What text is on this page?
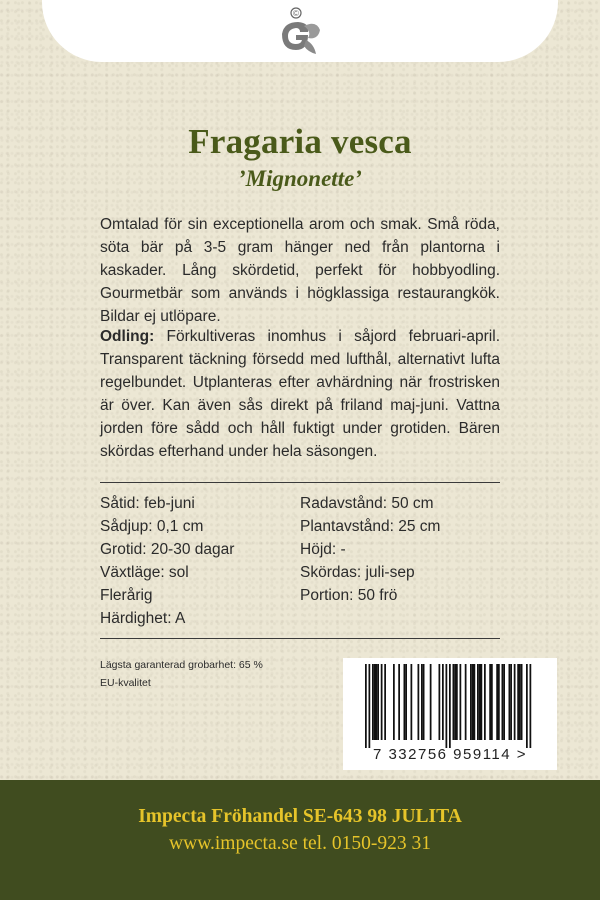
©
Fragaria vesca
’Mignonette’
Omtalad för sin exceptionella arom och smak. Små röda, söta bär på 3-5 gram hänger ned från plantorna i kaskader. Lång skördetid, perfekt för hobbyodling. Gourmetbär som används i högklassiga restaurangkök. Bildar ej utlöpare.
Odling: Förkultiveras inomhus i såjord februari-april. Transparent täckning försedd med lufthål, alternativt lufta regelbundet. Utplanteras efter avhärdning när frostrisken är över. Kan även sås direkt på friland maj-juni. Vattna jorden före sådd och håll fuktigt under grotiden. Bären skördas efterhand under hela säsongen.
Såtid: feb-juni
Sådjup: 0,1 cm
Grotid: 20-30 dagar
Växtläge: sol
Flerårig
Härdighet: A
Radavstånd: 50 cm
Plantavstånd: 25 cm
Höjd: -
Skördas: juli-sep
Portion: 50 frö
Lägsta garanterad grobarhet: 65 %
EU-kvalitet
7 332756 959114 >
Impecta Fröhandel SE-643 98 JULITA
www.impecta.se tel. 0150-923 31
